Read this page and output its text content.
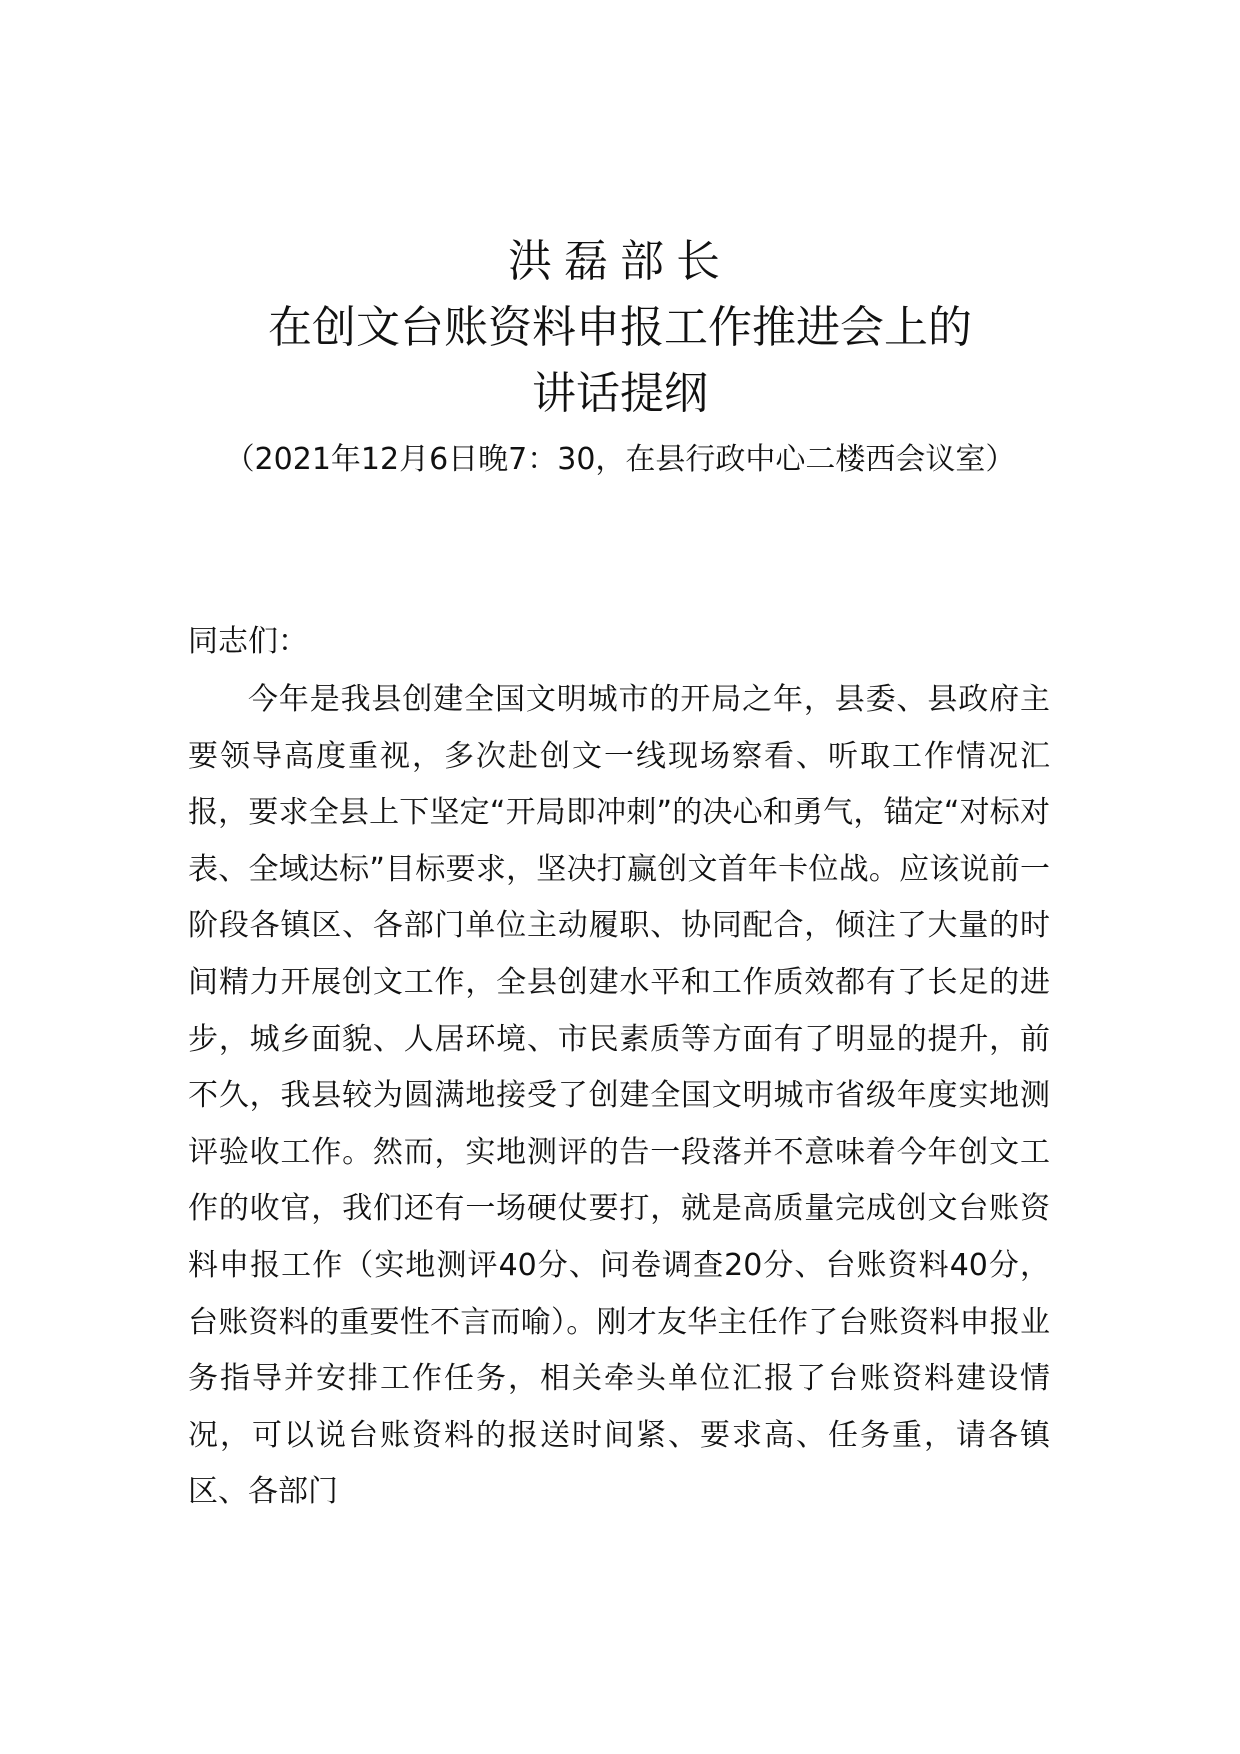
洪磊部长
在创文台账资料申报工作推进会上的
讲话提纲
（2021年12月6日晚7：30，在县行政中心二楼西会议室）

同志们：

今年是我县创建全国文明城市的开局之年，县委、县政府主要领导高度重视，多次赴创文一线现场察看、听取工作情况汇报，要求全县上下坚定“开局即冲刺”的决心和勇气，锚定“对标对表、全域达标”目标要求，坚决打赢创文首年卡位战。应该说前一阶段各镇区、各部门单位主动履职、协同配合，倾注了大量的时间精力开展创文工作，全县创建水平和工作质效都有了长足的进步，城乡面貌、人居环境、市民素质等方面有了明显的提升，前不久，我县较为圆满地接受了创建全国文明城市省级年度实地测评验收工作。然而，实地测评的告一段落并不意味着今年创文工作的收官，我们还有一场硬仗要打，就是高质量完成创文台账资料申报工作（实地测评40分、问卷调查20分、台账资料40分，台账资料的重要性不言而喻）。刚才友华主任作了台账资料申报业务指导并安排工作任务，相关牵头单位汇报了台账资料建设情况，可以说台账资料的报送时间紧、要求高、任务重，请各镇区、各部门
